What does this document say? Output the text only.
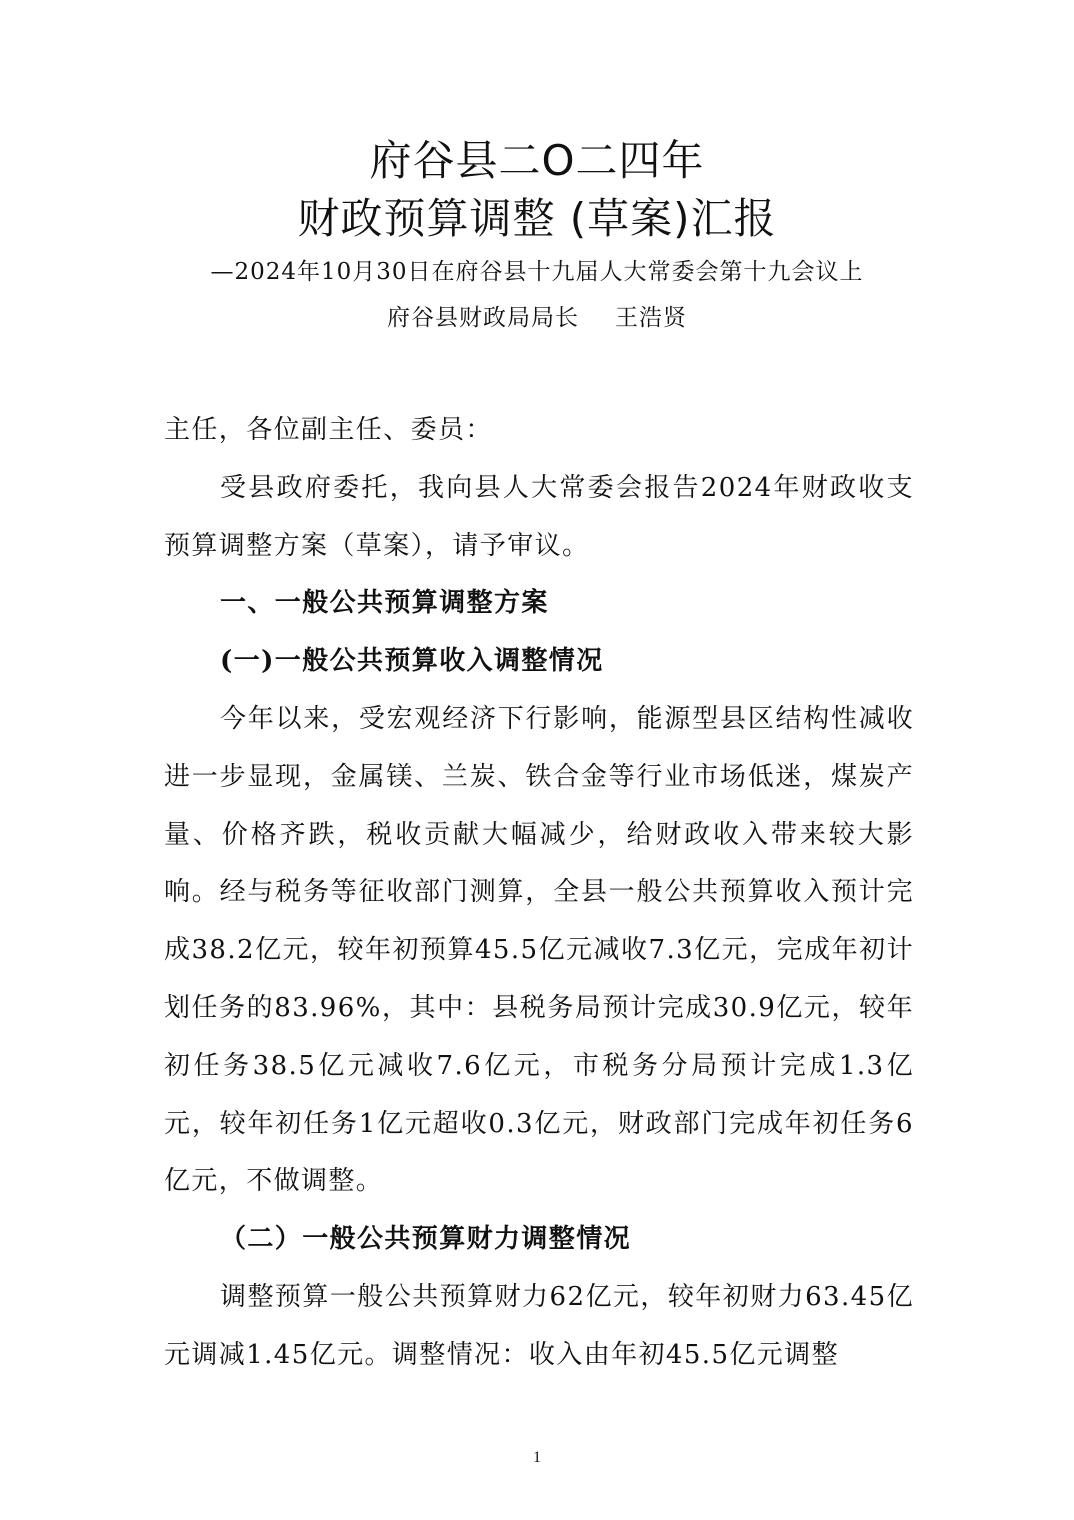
府谷县二O二四年
财政预算调整 (草案)汇报
—2024年10月30日在府谷县十九届人大常委会第十九会议上
府谷县财政局局长 王浩贤

主任，各位副主任、委员：

受县政府委托，我向县人大常委会报告2024年财政收支预算调整方案（草案），请予审议。

一、一般公共预算调整方案

(一)一般公共预算收入调整情况

今年以来，受宏观经济下行影响，能源型县区结构性减收进一步显现，金属镁、兰炭、铁合金等行业市场低迷，煤炭产量、价格齐跌，税收贡献大幅减少，给财政收入带来较大影响。经与税务等征收部门测算，全县一般公共预算收入预计完成38.2亿元，较年初预算45.5亿元减收7.3亿元，完成年初计划任务的83.96%，其中：县税务局预计完成30.9亿元，较年初任务38.5亿元减收7.6亿元，市税务分局预计完成1.3亿元，较年初任务1亿元超收0.3亿元，财政部门完成年初任务6亿元，不做调整。

（二）一般公共预算财力调整情况

调整预算一般公共预算财力62亿元，较年初财力63.45亿元调减1.45亿元。调整情况：收入由年初45.5亿元调整

1
